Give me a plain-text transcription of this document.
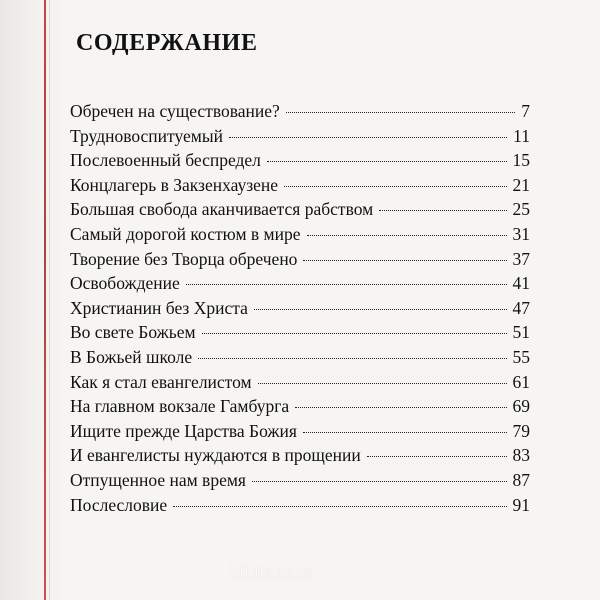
СОДЕРЖАНИЕ
Обречен на существование?	7
Трудновоспитуемый	11
Послевоенный беспредел	15
Концлагерь в Закзенхаузене	21
Большая свобода аканчивается рабством	25
Самый дорогой костюм в мире	31
Творение без Творца обречено	37
Освобождение	41
Христианин без Христа	47
Во свете Божьем	51
В Божьей школе	55
Как я стал евангелистом	61
На главном вокзале Гамбурга	69
Ищите прежде Царства Божия	79
И евангелисты нуждаются в прощении	83
Отпущенное нам время	87
Послесловие	91
biblia.in.ua
